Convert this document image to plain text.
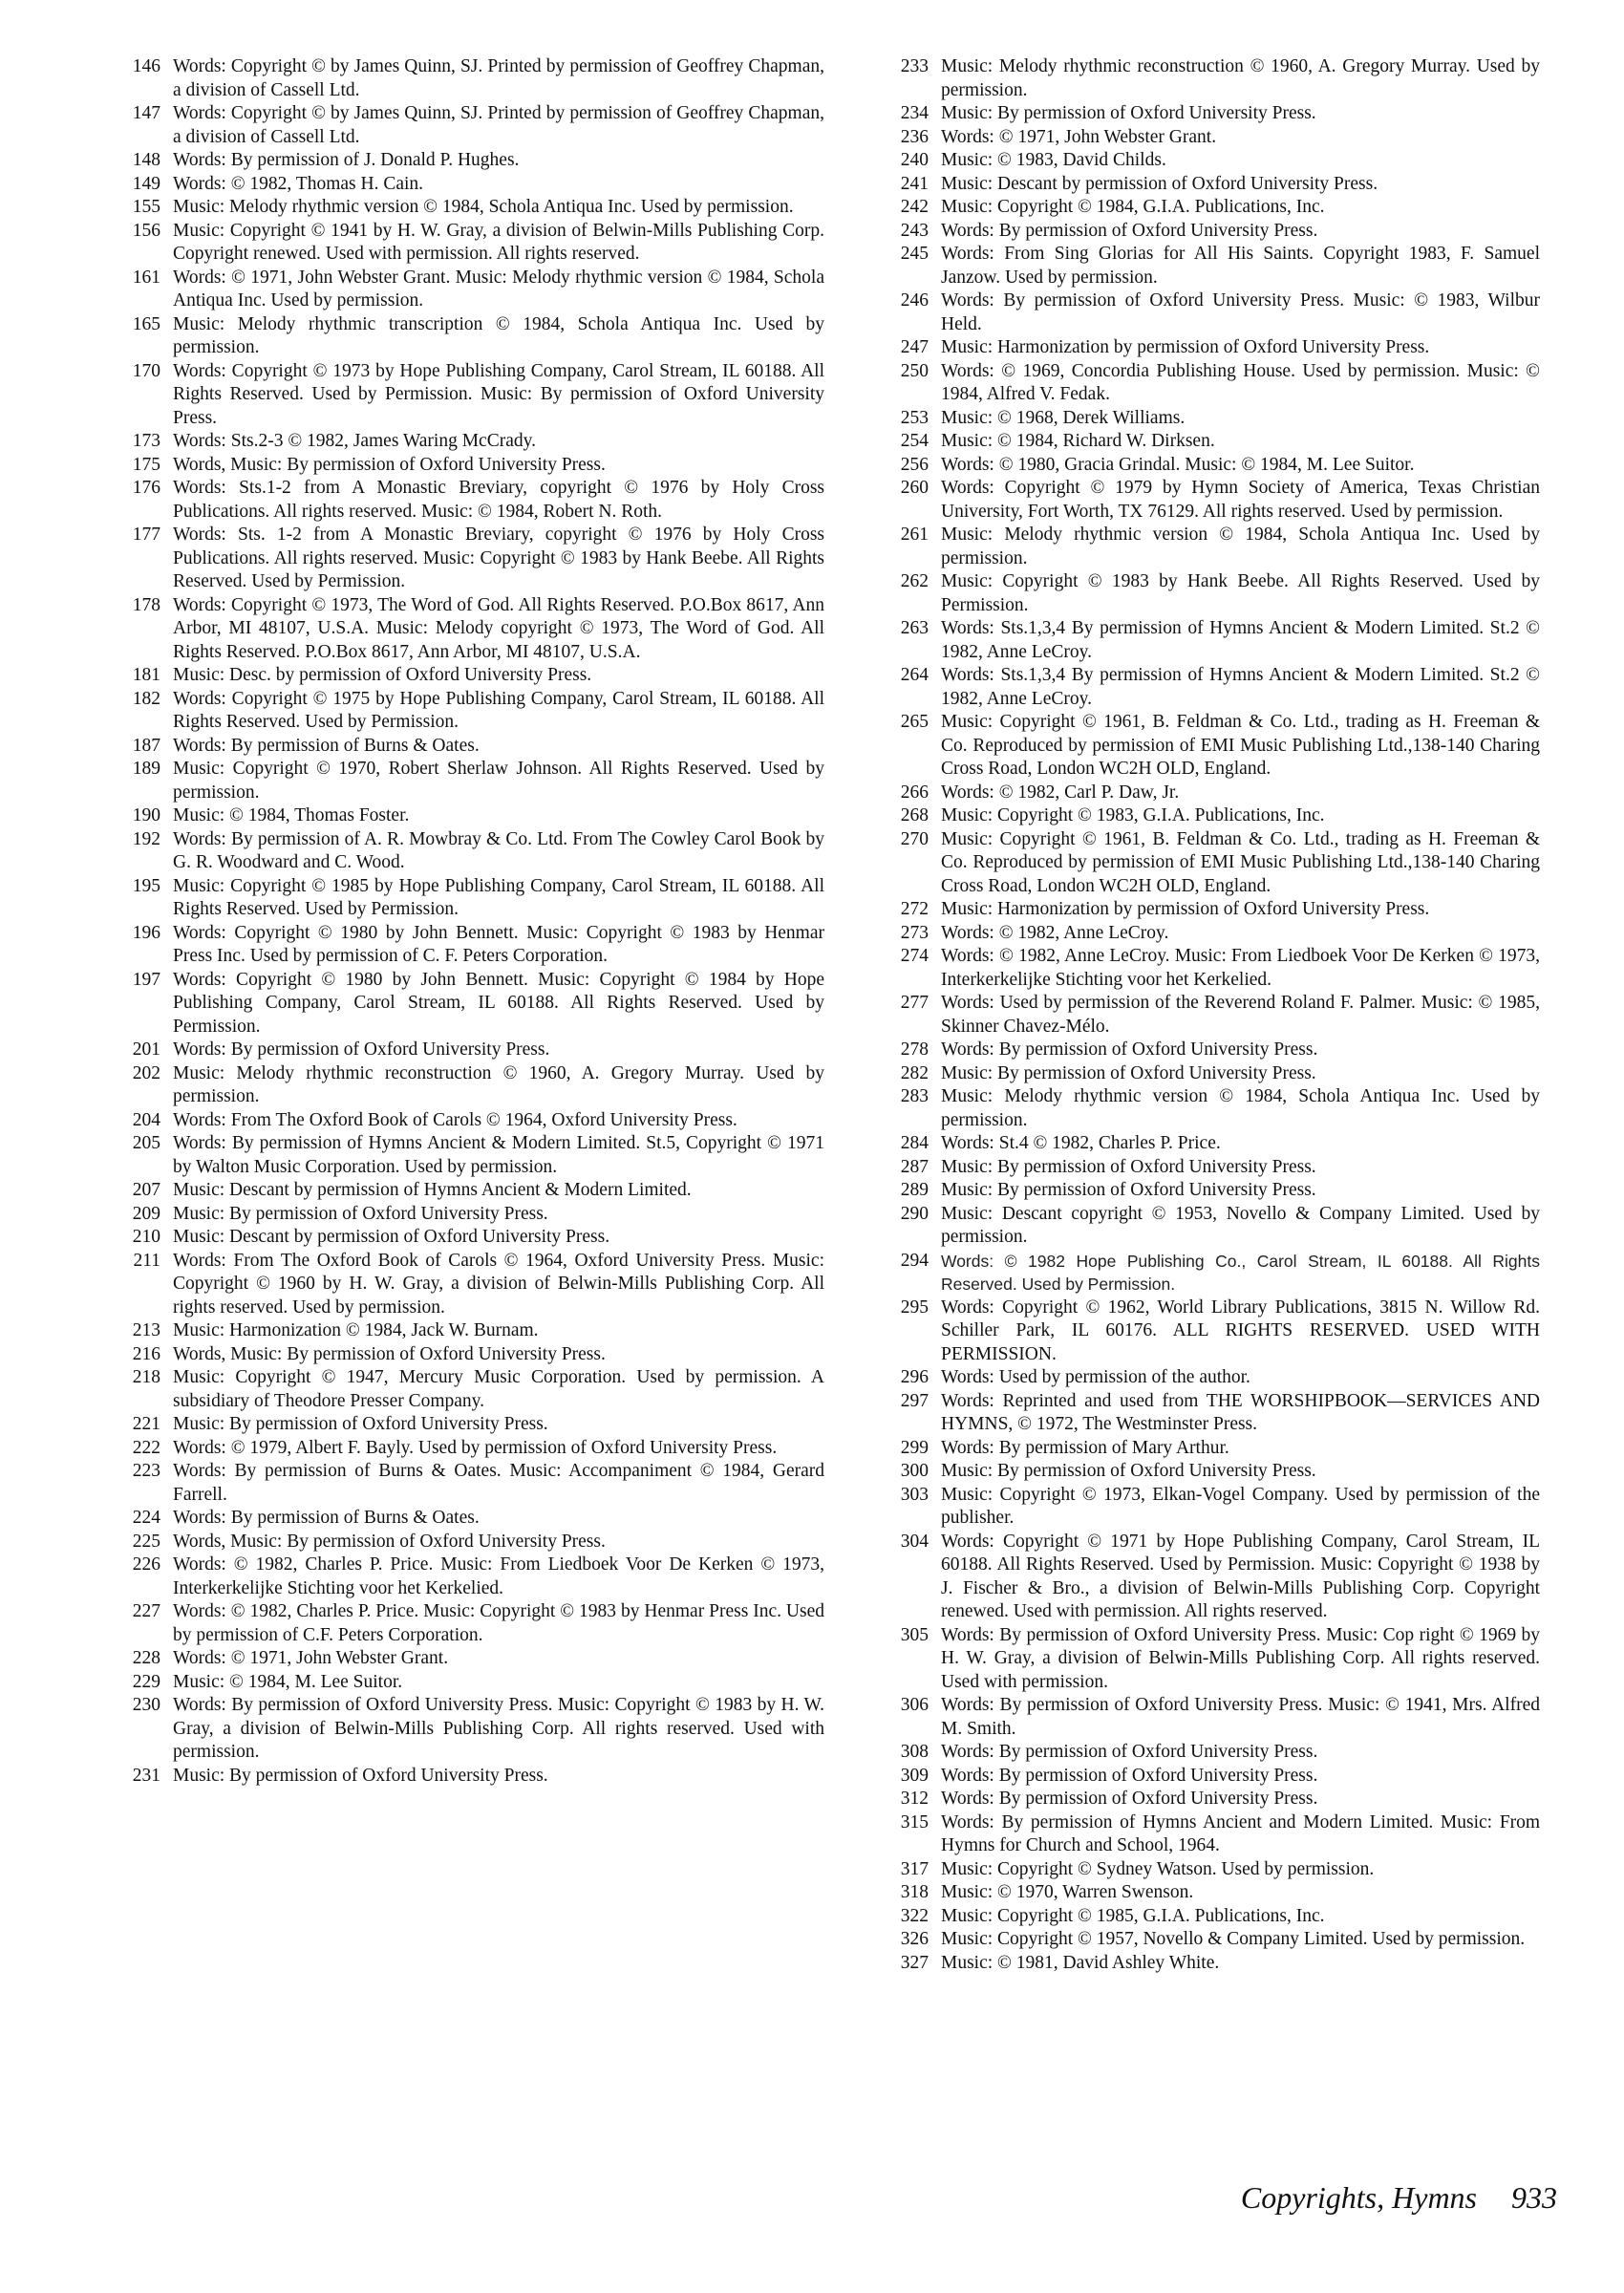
146 Words: Copyright © by James Quinn, SJ. Printed by permission of Geoffrey Chapman, a division of Cassell Ltd.
147 Words: Copyright © by James Quinn, SJ. Printed by permission of Geoffrey Chapman, a division of Cassell Ltd.
148 Words: By permission of J. Donald P. Hughes.
149 Words: © 1982, Thomas H. Cain.
155 Music: Melody rhythmic version © 1984, Schola Antiqua Inc. Used by permission.
156 Music: Copyright © 1941 by H. W. Gray, a division of Belwin-Mills Publishing Corp. Copyright renewed. Used with permission. All rights reserved.
161 Words: © 1971, John Webster Grant. Music: Melody rhythmic version © 1984, Schola Antiqua Inc. Used by permission.
165 Music: Melody rhythmic transcription © 1984, Schola Antiqua Inc. Used by permission.
170 Words: Copyright © 1973 by Hope Publishing Company, Carol Stream, IL 60188. All Rights Reserved. Used by Permission. Music: By permission of Oxford University Press.
173 Words: Sts.2-3 © 1982, James Waring McCrady.
175 Words, Music: By permission of Oxford University Press.
176 Words: Sts.1-2 from A Monastic Breviary, copyright © 1976 by Holy Cross Publications. All rights reserved. Music: © 1984, Robert N. Roth.
177 Words: Sts. 1-2 from A Monastic Breviary, copyright © 1976 by Holy Cross Publications. All rights reserved. Music: Copyright © 1983 by Hank Beebe. All Rights Reserved. Used by Permission.
178 Words: Copyright © 1973, The Word of God. All Rights Reserved. P.O.Box 8617, Ann Arbor, MI 48107, U.S.A. Music: Melody copyright © 1973, The Word of God. All Rights Reserved. P.O.Box 8617, Ann Arbor, MI 48107, U.S.A.
181 Music: Desc. by permission of Oxford University Press.
182 Words: Copyright © 1975 by Hope Publishing Company, Carol Stream, IL 60188. All Rights Reserved. Used by Permission.
187 Words: By permission of Burns & Oates.
189 Music: Copyright © 1970, Robert Sherlaw Johnson. All Rights Reserved. Used by permission.
190 Music: © 1984, Thomas Foster.
192 Words: By permission of A. R. Mowbray & Co. Ltd. From The Cowley Carol Book by G. R. Woodward and C. Wood.
195 Music: Copyright © 1985 by Hope Publishing Company, Carol Stream, IL 60188. All Rights Reserved. Used by Permission.
196 Words: Copyright © 1980 by John Bennett. Music: Copyright © 1983 by Henmar Press Inc. Used by permission of C. F. Peters Corporation.
197 Words: Copyright © 1980 by John Bennett. Music: Copyright © 1984 by Hope Publishing Company, Carol Stream, IL 60188. All Rights Reserved. Used by Permission.
201 Words: By permission of Oxford University Press.
202 Music: Melody rhythmic reconstruction © 1960, A. Gregory Murray. Used by permission.
204 Words: From The Oxford Book of Carols © 1964, Oxford University Press.
205 Words: By permission of Hymns Ancient & Modern Limited. St.5, Copyright © 1971 by Walton Music Corporation. Used by permission.
207 Music: Descant by permission of Hymns Ancient & Modern Limited.
209 Music: By permission of Oxford University Press.
210 Music: Descant by permission of Oxford University Press.
211 Words: From The Oxford Book of Carols © 1964, Oxford University Press. Music: Copyright © 1960 by H. W. Gray, a division of Belwin-Mills Publishing Corp. All rights reserved. Used by permission.
213 Music: Harmonization © 1984, Jack W. Burnam.
216 Words, Music: By permission of Oxford University Press.
218 Music: Copyright © 1947, Mercury Music Corporation. Used by permission. A subsidiary of Theodore Presser Company.
221 Music: By permission of Oxford University Press.
222 Words: © 1979, Albert F. Bayly. Used by permission of Oxford University Press.
223 Words: By permission of Burns & Oates. Music: Accompaniment © 1984, Gerard Farrell.
224 Words: By permission of Burns & Oates.
225 Words, Music: By permission of Oxford University Press.
226 Words: © 1982, Charles P. Price. Music: From Liedboek Voor De Kerken © 1973, Interkerkelijke Stichting voor het Kerkelied.
227 Words: © 1982, Charles P. Price. Music: Copyright © 1983 by Henmar Press Inc. Used by permission of C.F. Peters Corporation.
228 Words: © 1971, John Webster Grant.
229 Music: © 1984, M. Lee Suitor.
230 Words: By permission of Oxford University Press. Music: Copyright © 1983 by H. W. Gray, a division of Belwin-Mills Publishing Corp. All rights reserved. Used with permission.
231 Music: By permission of Oxford University Press.
233 Music: Melody rhythmic reconstruction © 1960, A. Gregory Murray. Used by permission.
234 Music: By permission of Oxford University Press.
236 Words: © 1971, John Webster Grant.
240 Music: © 1983, David Childs.
241 Music: Descant by permission of Oxford University Press.
242 Music: Copyright © 1984, G.I.A. Publications, Inc.
243 Words: By permission of Oxford University Press.
245 Words: From Sing Glorias for All His Saints. Copyright 1983, F. Samuel Janzow. Used by permission.
246 Words: By permission of Oxford University Press. Music: © 1983, Wilbur Held.
247 Music: Harmonization by permission of Oxford University Press.
250 Words: © 1969, Concordia Publishing House. Used by permission. Music: © 1984, Alfred V. Fedak.
253 Music: © 1968, Derek Williams.
254 Music: © 1984, Richard W. Dirksen.
256 Words: © 1980, Gracia Grindal. Music: © 1984, M. Lee Suitor.
260 Words: Copyright © 1979 by Hymn Society of America, Texas Christian University, Fort Worth, TX 76129. All rights reserved. Used by permission.
261 Music: Melody rhythmic version © 1984, Schola Antiqua Inc. Used by permission.
262 Music: Copyright © 1983 by Hank Beebe. All Rights Reserved. Used by Permission.
263 Words: Sts.1,3,4 By permission of Hymns Ancient & Modern Limited. St.2 © 1982, Anne LeCroy.
264 Words: Sts.1,3,4 By permission of Hymns Ancient & Modern Limited. St.2 © 1982, Anne LeCroy.
265 Music: Copyright © 1961, B. Feldman & Co. Ltd., trading as H. Freeman & Co. Reproduced by permission of EMI Music Publishing Ltd.,138-140 Charing Cross Road, London WC2H OLD, England.
266 Words: © 1982, Carl P. Daw, Jr.
268 Music: Copyright © 1983, G.I.A. Publications, Inc.
270 Music: Copyright © 1961, B. Feldman & Co. Ltd., trading as H. Freeman & Co. Reproduced by permission of EMI Music Publishing Ltd.,138-140 Charing Cross Road, London WC2H OLD, England.
272 Music: Harmonization by permission of Oxford University Press.
273 Words: © 1982, Anne LeCroy.
274 Words: © 1982, Anne LeCroy. Music: From Liedboek Voor De Kerken © 1973, Interkerkelijke Stichting voor het Kerkelied.
277 Words: Used by permission of the Reverend Roland F. Palmer. Music: © 1985, Skinner Chavez-Mélo.
278 Words: By permission of Oxford University Press.
282 Music: By permission of Oxford University Press.
283 Music: Melody rhythmic version © 1984, Schola Antiqua Inc. Used by permission.
284 Words: St.4 © 1982, Charles P. Price.
287 Music: By permission of Oxford University Press.
289 Music: By permission of Oxford University Press.
290 Music: Descant copyright © 1953, Novello & Company Limited. Used by permission.
294 Words: © 1982 Hope Publishing Co., Carol Stream, IL 60188. All Rights Reserved. Used by Permission.
295 Words: Copyright © 1962, World Library Publications, 3815 N. Willow Rd. Schiller Park, IL 60176. ALL RIGHTS RESERVED. USED WITH PERMISSION.
296 Words: Used by permission of the author.
297 Words: Reprinted and used from THE WORSHIPBOOK—SERVICES AND HYMNS, © 1972, The Westminster Press.
299 Words: By permission of Mary Arthur.
300 Music: By permission of Oxford University Press.
303 Music: Copyright © 1973, Elkan-Vogel Company. Used by permission of the publisher.
304 Words: Copyright © 1971 by Hope Publishing Company, Carol Stream, IL 60188. All Rights Reserved. Used by Permission. Music: Copyright © 1938 by J. Fischer & Bro., a division of Belwin-Mills Publishing Corp. Copyright renewed. Used with permission. All rights reserved.
305 Words: By permission of Oxford University Press. Music: Cop right © 1969 by H. W. Gray, a division of Belwin-Mills Publishing Corp. All rights reserved. Used with permission.
306 Words: By permission of Oxford University Press. Music: © 1941, Mrs. Alfred M. Smith.
308 Words: By permission of Oxford University Press.
309 Words: By permission of Oxford University Press.
312 Words: By permission of Oxford University Press.
315 Words: By permission of Hymns Ancient and Modern Limited. Music: From Hymns for Church and School, 1964.
317 Music: Copyright © Sydney Watson. Used by permission.
318 Music: © 1970, Warren Swenson.
322 Music: Copyright © 1985, G.I.A. Publications, Inc.
326 Music: Copyright © 1957, Novello & Company Limited. Used by permission.
327 Music: © 1981, David Ashley White.
Copyrights, Hymns 933
